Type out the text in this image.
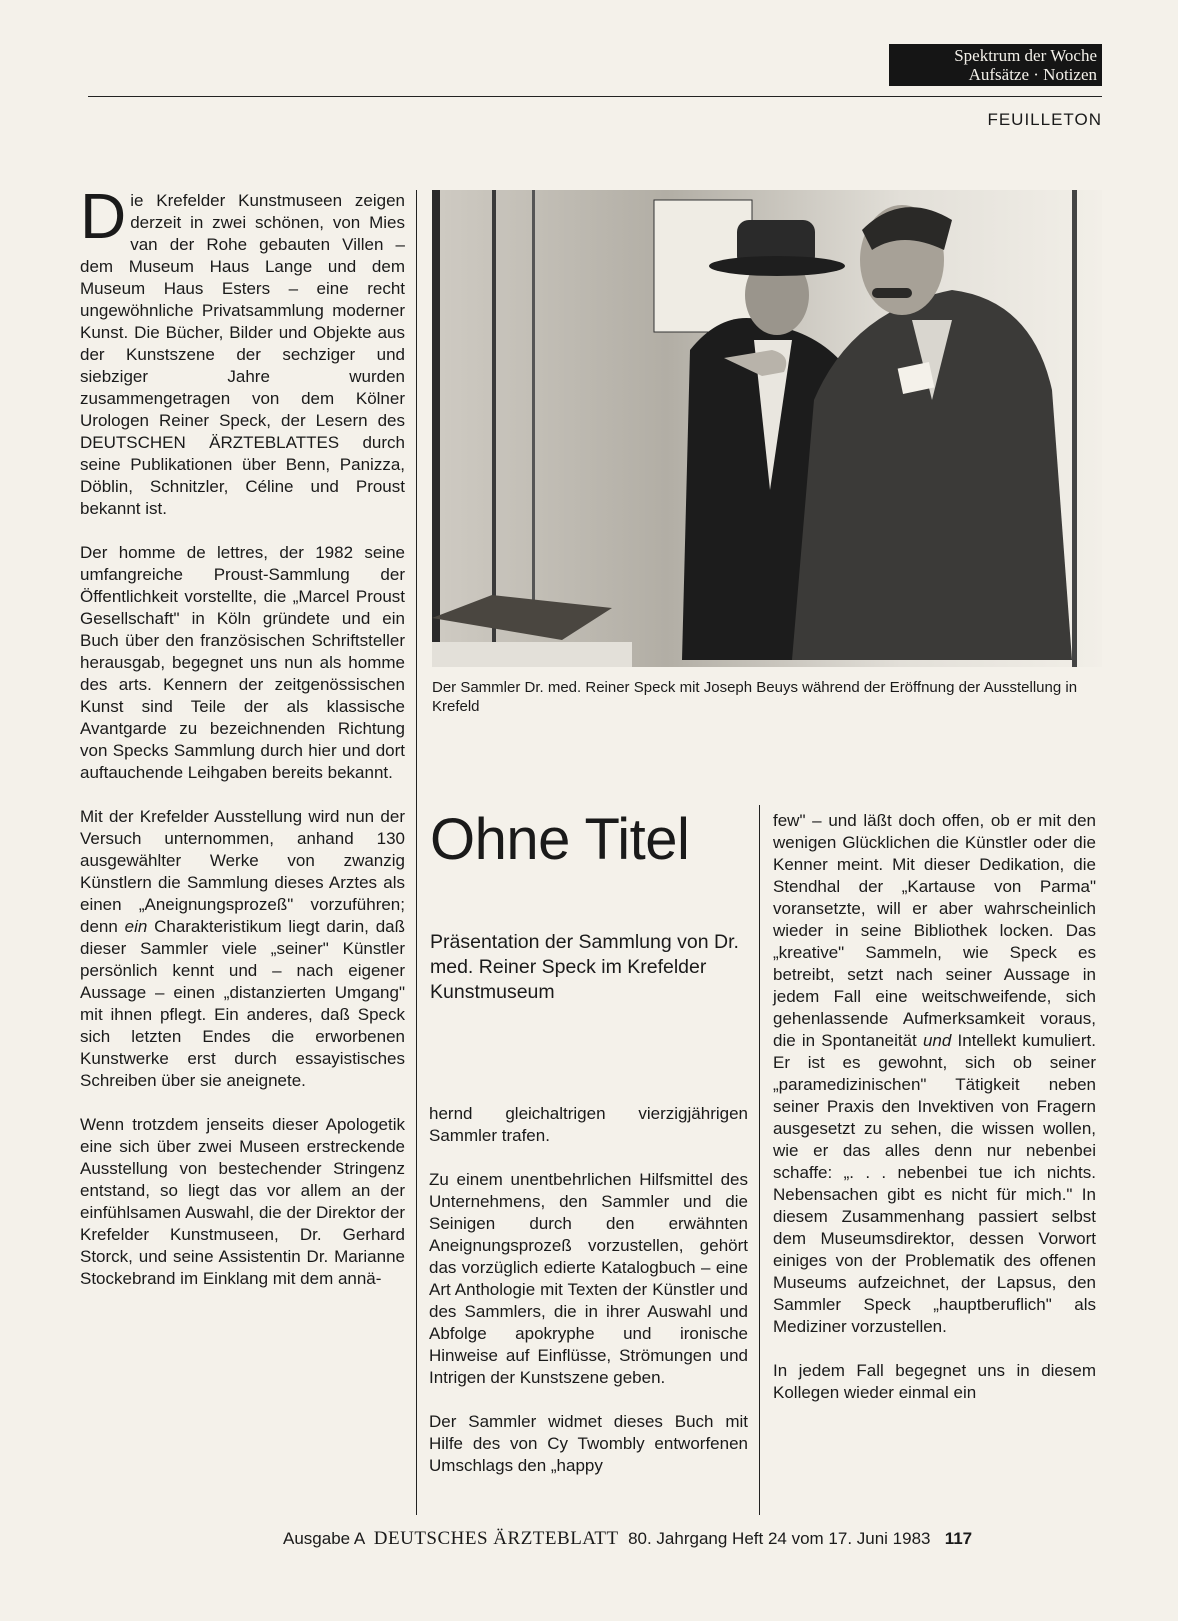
Spektrum der Woche
Aufsätze · Notizen
FEUILLETON

Die Krefelder Kunstmuseen zeigen derzeit in zwei schönen, von Mies van der Rohe gebauten Villen – dem Museum Haus Lange und dem Museum Haus Esters – eine recht ungewöhnliche Privatsammlung moderner Kunst. Die Bücher, Bilder und Objekte aus der Kunstszene der sechziger und siebziger Jahre wurden zusammengetragen von dem Kölner Urologen Reiner Speck, der Lesern des DEUTSCHEN ÄRZTEBLATTES durch seine Publikationen über Benn, Panizza, Döblin, Schnitzler, Céline und Proust bekannt ist.

Der homme de lettres, der 1982 seine umfangreiche Proust-Sammlung der Öffentlichkeit vorstellte, die „Marcel Proust Gesellschaft" in Köln gründete und ein Buch über den französischen Schriftsteller herausgab, begegnet uns nun als homme des arts. Kennern der zeitgenössischen Kunst sind Teile der als klassische Avantgarde zu bezeichnenden Richtung von Specks Sammlung durch hier und dort auftauchende Leihgaben bereits bekannt.

Mit der Krefelder Ausstellung wird nun der Versuch unternommen, anhand 130 ausgewählter Werke von zwanzig Künstlern die Sammlung dieses Arztes als einen „Aneignungsprozeß" vorzuführen; denn ein Charakteristikum liegt darin, daß dieser Sammler viele „seiner" Künstler persönlich kennt und – nach eigener Aussage – einen „distanzierten Umgang" mit ihnen pflegt. Ein anderes, daß Speck sich letzten Endes die erworbenen Kunstwerke erst durch essayistisches Schreiben über sie aneignete.

Wenn trotzdem jenseits dieser Apologetik eine sich über zwei Museen erstreckende Ausstellung von bestechender Stringenz entstand, so liegt das vor allem an der einfühlsamen Auswahl, die der Direktor der Krefelder Kunstmuseen, Dr. Gerhard Storck, und seine Assistentin Dr. Marianne Stockebrand im Einklang mit dem annä-

Der Sammler Dr. med. Reiner Speck mit Joseph Beuys während der Eröffnung der Ausstellung in Krefeld
Ohne Titel
Präsentation der Sammlung von Dr. med. Reiner Speck im Krefelder Kunstmuseum

hernd gleichaltrigen vierzigjährigen Sammler trafen.

Zu einem unentbehrlichen Hilfsmittel des Unternehmens, den Sammler und die Seinigen durch den erwähnten Aneignungsprozeß vorzustellen, gehört das vorzüglich edierte Katalogbuch – eine Art Anthologie mit Texten der Künstler und des Sammlers, die in ihrer Auswahl und Abfolge apokryphe und ironische Hinweise auf Einflüsse, Strömungen und Intrigen der Kunstszene geben.

Der Sammler widmet dieses Buch mit Hilfe des von Cy Twombly entworfenen Umschlags den „happy

few" – und läßt doch offen, ob er mit den wenigen Glücklichen die Künstler oder die Kenner meint. Mit dieser Dedikation, die Stendhal der „Kartause von Parma" voransetzte, will er aber wahrscheinlich wieder in seine Bibliothek locken. Das „kreative" Sammeln, wie Speck es betreibt, setzt nach seiner Aussage in jedem Fall eine weitschweifende, sich gehenlassende Aufmerksamkeit voraus, die in Spontaneität und Intellekt kumuliert. Er ist es gewohnt, sich ob seiner „paramedizinischen" Tätigkeit neben seiner Praxis den Invektiven von Fragern ausgesetzt zu sehen, die wissen wollen, wie er das alles denn nur nebenbei schaffe: „. . . nebenbei tue ich nichts. Nebensachen gibt es nicht für mich." In diesem Zusammenhang passiert selbst dem Museumsdirektor, dessen Vorwort einiges von der Problematik des offenen Museums aufzeichnet, der Lapsus, den Sammler Speck „hauptberuflich" als Mediziner vorzustellen.

In jedem Fall begegnet uns in diesem Kollegen wieder einmal ein

Ausgabe A DEUTSCHES ÄRZTEBLATT 80. Jahrgang Heft 24 vom 17. Juni 1983 117
